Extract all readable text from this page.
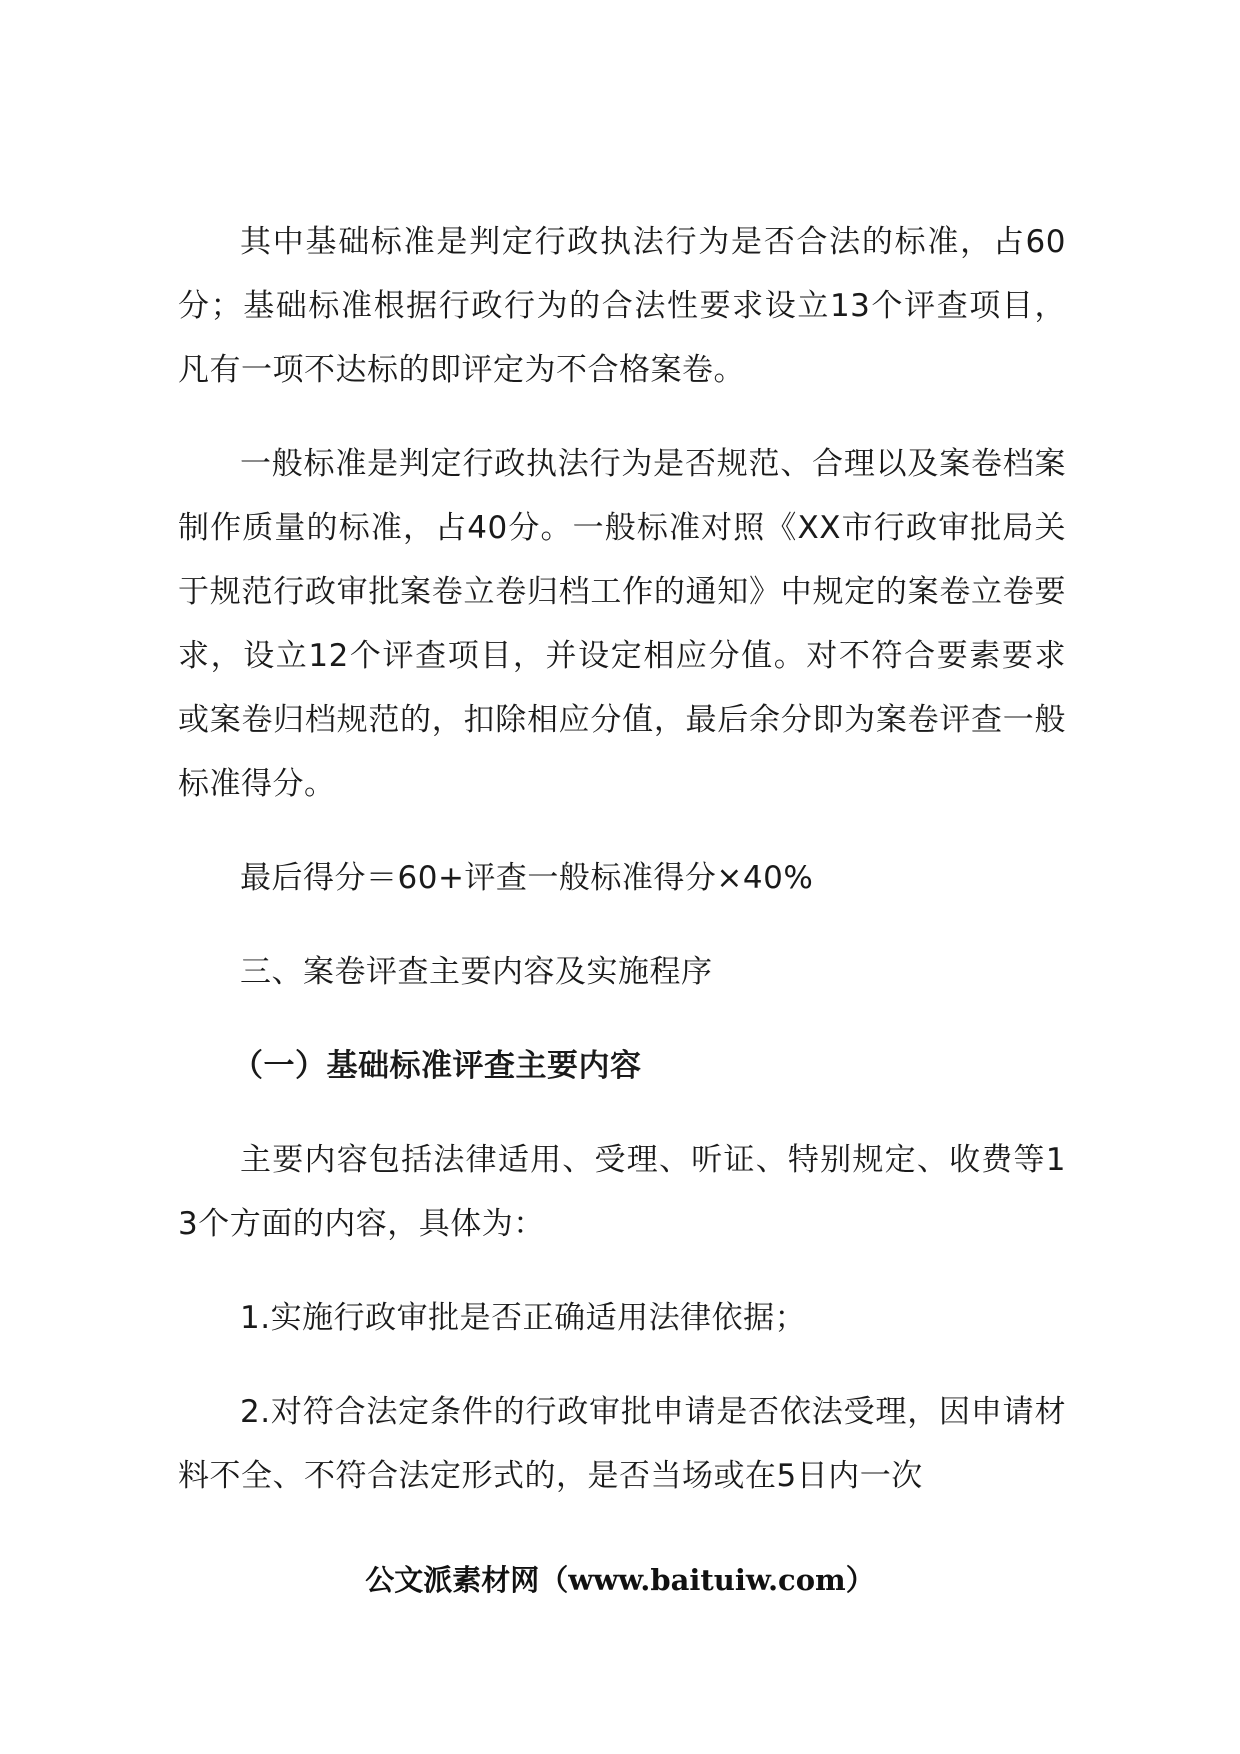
其中基础标准是判定行政执法行为是否合法的标准，占60分；基础标准根据行政行为的合法性要求设立13个评查项目，凡有一项不达标的即评定为不合格案卷。

一般标准是判定行政执法行为是否规范、合理以及案卷档案制作质量的标准，占40分。一般标准对照《XX市行政审批局关于规范行政审批案卷立卷归档工作的通知》中规定的案卷立卷要求，设立12个评查项目，并设定相应分值。对不符合要素要求或案卷归档规范的，扣除相应分值，最后余分即为案卷评查一般标准得分。

最后得分＝60+评查一般标准得分×40%

三、案卷评查主要内容及实施程序

（一）基础标准评查主要内容

主要内容包括法律适用、受理、听证、特别规定、收费等13个方面的内容，具体为：

1.实施行政审批是否正确适用法律依据；

2.对符合法定条件的行政审批申请是否依法受理，因申请材料不全、不符合法定形式的，是否当场或在5日内一次

公文派素材网（www.baituiw.com）
